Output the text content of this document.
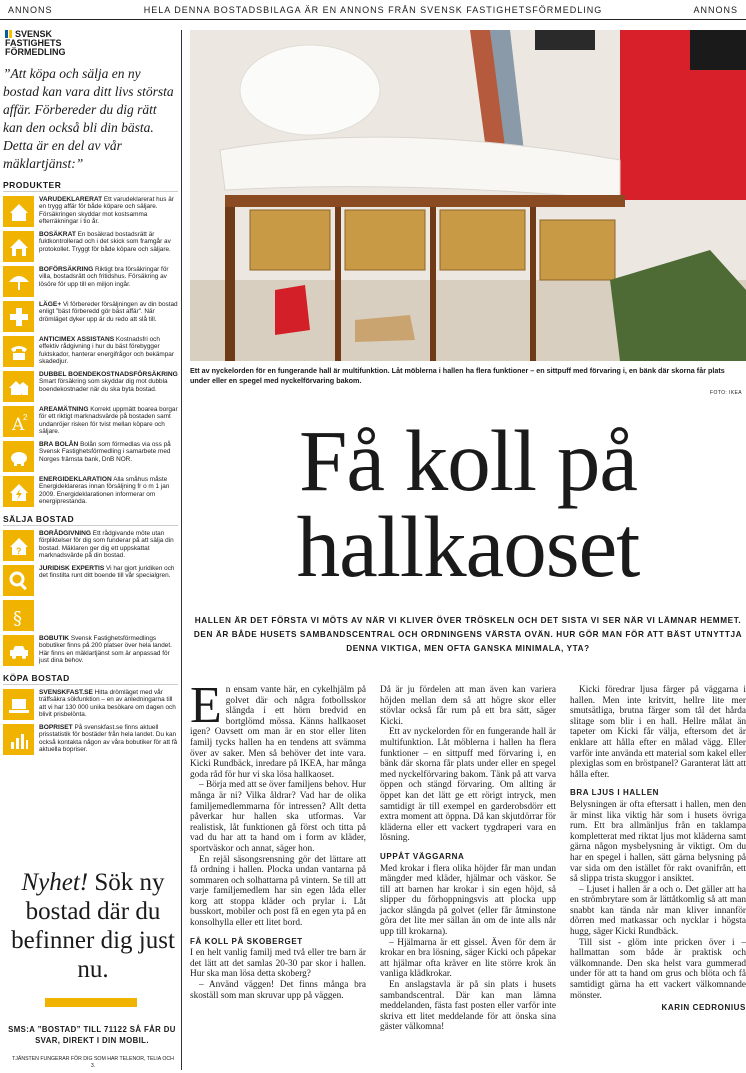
ANNONS	HELA DENNA BOSTADSBILAGA ÄR EN ANNONS FRÅN SVENSK FASTIGHETSFÖRMEDLING	ANNONS
SVENSK
FASTIGHETS
FÖRMEDLING
”Att köpa och sälja en ny bostad kan vara ditt livs största affär. Förbereder du dig rätt kan den också bli din bästa. Detta är en del av vår mäklartjänst:”
PRODUKTER
VARUDEKLARERAT Ett varudeklarerat hus är en trygg affär för både köpare och säljare. Försäkringen skyddar mot kostsamma efterräkningar i tio år.
BOSÄKRAT En bosäkrad bostadsrätt är fuktkontrollerad och i det skick som framgår av protokollet. Tryggt för både köpare och säljare.
BOFÖRSÄKRING Riktigt bra försäkringar för villa, bostadsrätt och fritidshus. Försäkring av lösöre för upp till en miljon ingår.
LÄGE+ Vi förbereder försäljningen av din bostad enligt ”bäst förberedd gör bäst affär”. När drömläget dyker upp är du redo att slå till.
ANTICIMEX ASSISTANS Kostnadsfri och effektiv rådgivning i hur du bäst förebygger fuktskador, hanterar energifrågor och bekämpar skadedjur.
DUBBEL BOENDEKOSTNADSFÖRSÄKRING Smart försäkring som skyddar dig mot dubbla boendekostnader när du ska byta bostad.
A
2
AREAMÄTNING Korrekt uppmätt boarea borgar för ett riktigt marknadsvärde på bostaden samt undanröjer risken för tvist mellan köpare och säljare.
BRA BOLÅN Bolån som förmedlas via oss på Svensk Fastighetsförmedling i samarbete med Norges främsta bank, DnB NOR.
ENERGIDEKLARATION Alla småhus måste Energideklareras innan försäljning fr o m 1 jan 2009. Energideklarationen informerar om energiprestanda.
SÄLJA BOSTAD
?
BORÅDGIVNING Ett rådgivande möte utan förpliktelser för dig som funderar på att sälja din bostad. Mäklaren ger dig ett uppskattat marknadsvärde på din bostad.
JURIDISK EXPERTIS Vi har gjort juridiken och det finstilta runt ditt boende till vår specialgren.
§
BOBUTIK Svensk Fastighetsförmedlings bobutiker finns på 200 platser över hela landet. Här finns en mäklartjänst som är anpassad för just dina behov.
KÖPA BOSTAD
SVENSKFAST.SE Hitta drömläget med vår träffsäkra sökfunktion – en av anledningarna till att vi har 130 000 unika besökare om dagen och blivit prisbelönta.
BOPRISET På svenskfast.se finns aktuell prisstatistik för bostäder från hela landet. Du kan också kontakta någon av våra bobutiker för att få aktuella bopriser.
Nyhet! Sök ny bostad där du befinner dig just nu.
SMS:A ”BOSTAD” TILL 71122 SÅ FÅR DU SVAR, DIREKT I DIN MOBIL.
TJÄNSTEN FUNGERAR FÖR DIG SOM HAR TELENOR, TELIA OCH 3.
Ett av nyckelorden för en fungerande hall är multifunktion. Låt möblerna i hallen ha flera funktioner – en sittpuff med förvaring i, en bänk där skorna får plats under eller en spegel med nyckelförvaring bakom.
FOTO: IKEA
Få koll på hallkaoset
HALLEN ÄR DET FÖRSTA VI MÖTS AV NÄR VI KLIVER ÖVER TRÖSKELN OCH DET SISTA VI SER NÄR VI LÄMNAR HEMMET. DEN ÄR BÅDE HUSETS SAMBANDSCENTRAL OCH ORDNINGENS VÄRSTA OVÄN. HUR GÖR MAN FÖR ATT BÄST UTNYTTJA DENNA VIKTIGA, MEN OFTA GANSKA MINIMALA, YTA?

En ensam vante här, en cykelhjälm på golvet där och några fotbollsskor slängda i ett hörn bredvid en bortglömd mössa. Känns hallkaoset igen? Oavsett om man är en stor eller liten familj tycks hallen ha en tendens att svämma över av saker. Men så behöver det inte vara. Kicki Rundbäck, inredare på IKEA, har många goda råd för hur vi ska lösa hallkaoset.

– Börja med att se över familjens behov. Hur många är ni? Vilka åldrar? Vad har de olika familjemedlemmarna för intressen? Allt detta påverkar hur hallen ska utformas. Var realistisk, låt funktionen gå först och titta på vad du har att ta hand om i form av kläder, sportväskor och annat, säger hon.

En rejäl säsongsrensning gör det lättare att få ordning i hallen. Plocka undan vantarna på sommaren och solhattarna på vintern. Se till att varje familjemedlem har sin egen låda eller korg att stoppa kläder och prylar i. Låt busskort, mobiler och post få en egen yta på en konsolhylla eller ett litet bord.

FÅ KOLL PÅ SKOBERGET

I en helt vanlig familj med två eller tre barn är det lätt att det samlas 20-30 par skor i hallen. Hur ska man lösa detta skoberg?

– Använd väggen! Det finns många bra skoställ som man skruvar upp på väggen.

Då är ju fördelen att man även kan variera höjden mellan dem så att högre skor eller stövlar också får rum på ett bra sätt, säger Kicki.

Ett av nyckelorden för en fungerande hall är multifunktion. Låt möblerna i hallen ha flera funktioner – en sittpuff med förvaring i, en bänk där skorna får plats under eller en spegel med nyckelförvaring bakom. Tänk på att varva öppen och stängd förvaring. Om allting är öppet kan det lätt ge ett rörigt intryck, men samtidigt är till exempel en garderobsdörr ett extra moment att öppna. Då kan skjutdörrar för kläderna eller ett vackert tygdraperi vara en lösning.

UPPÅT VÄGGARNA

Med krokar i flera olika höjder får man undan mängder med kläder, hjälmar och väskor. Se till att barnen har krokar i sin egen höjd, så slipper du förhoppningsvis att plocka upp jackor slängda på golvet (eller får åtminstone göra det lite mer sällan än om de inte alls når upp till krokarna).

– Hjälmarna är ett gissel. Även för dem är krokar en bra lösning, säger Kicki och påpekar att hjälmar ofta kräver en lite större krok än vanliga klädkrokar.

En anslagstavla är på sin plats i husets sambandscentral. Där kan man lämna meddelanden, fästa fast posten eller varför inte skriva ett litet meddelande för att önska sina gäster välkomna!

Kicki föredrar ljusa färger på väggarna i hallen. Men inte kritvitt, hellre lite mer smutsätliga, brutna färger som tål det hårda slitage som blir i en hall. Hellre målat än tapeter om Kicki får välja, eftersom det är enklare att hålla efter en målad vägg. Eller varför inte använda ett material som kakel eller plexiglas som en bröstpanel? Garanterat lätt att hålla efter.

BRA LJUS I HALLEN

Belysningen är ofta eftersatt i hallen, men den är minst lika viktig här som i husets övriga rum. Ett bra allmänljus från en taklampa kompletterat med riktat ljus mot kläderna samt gärna någon mysbelysning är viktigt. Om du har en spegel i hallen, sätt gärna belysning på var sida om den istället för rakt ovanifrån, ett så slippa trista skuggor i ansiktet.

– Ljuset i hallen är a och o. Det gäller att ha en strömbrytare som är lättåtkomlig så att man snabbt kan tända när man kliver innanför dörren med matkassar och nycklar i högsta hugg, säger Kicki Rundbäck.

Till sist - glöm inte pricken över i – hallmattan som både är praktisk och välkomnande. Den ska helst vara gummerad under för att ta hand om grus och blöta och få samtidigt gärna ha ett vackert välkomnande mönster.

KARIN CEDRONIUS
